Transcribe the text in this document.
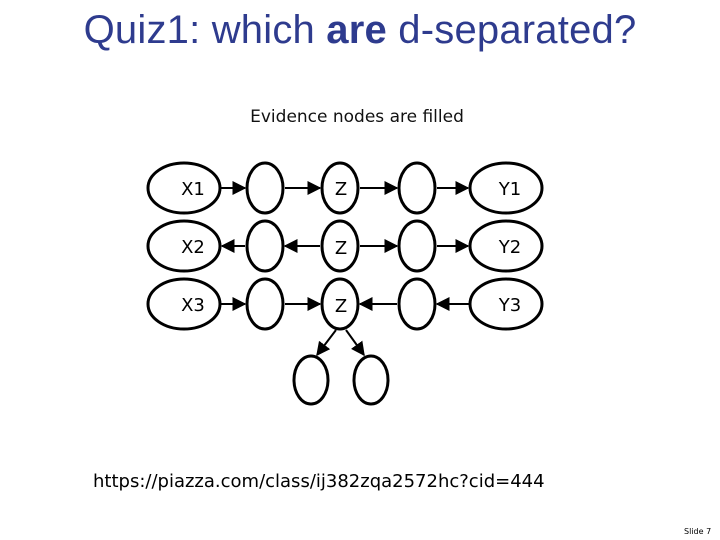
Quiz1: which are d-separated?
Evidence nodes are filled
X1	Z	Y1
X2	Z	Y2
X3	Z	Y3
https://piazza.com/class/ij382zqa2572hc?cid=444
Slide 7
